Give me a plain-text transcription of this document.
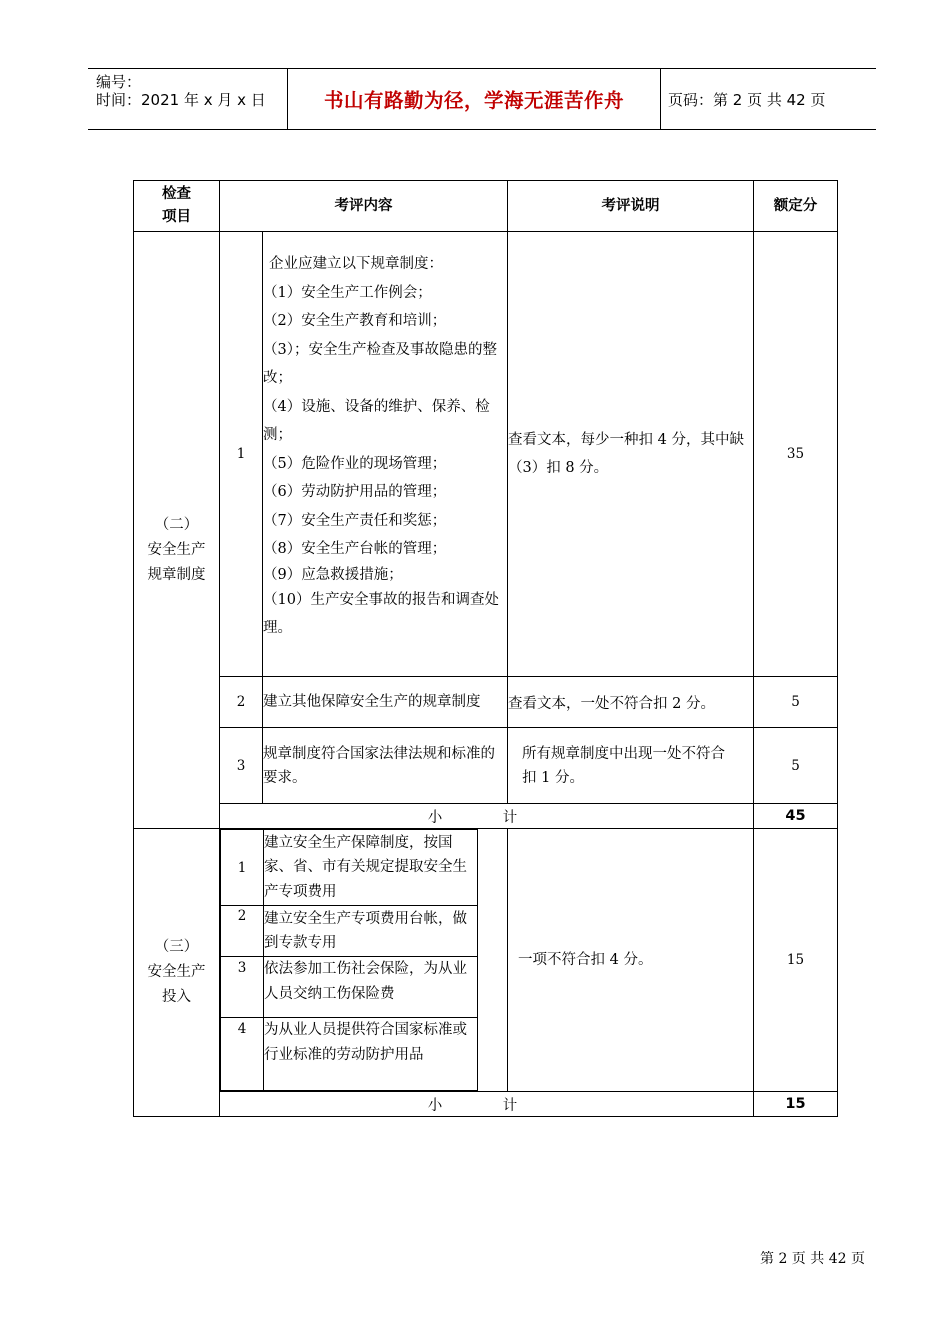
编号：
时间：2021 年 x 月 x 日	书山有路勤为径，学海无涯苦作舟	页码：第 2 页 共 42 页
检查
项目	考评内容	考评说明	额定分
（二）
安全生产
规章制度	1	
企业应建立以下规章制度：
（1）安全生产工作例会；
（2）安全生产教育和培训；
（3）；安全生产检查及事故隐患的整改；
（4）设施、设备的维护、保养、检测；
（5）危险作业的现场管理；
（6）劳动防护用品的管理；
（7）安全生产责任和奖惩；
（8）安全生产台帐的管理；
（9）应急救援措施；
（10）生产安全事故的报告和调查处理。
	查看文本，每少一种扣 4 分，其中缺（3）扣 8 分。	35
2	建立其他保障安全生产的规章制度	查看文本，一处不符合扣 2 分。	5
3	规章制度符合国家法律法规和标准的要求。	所有规章制度中出现一处不符合扣 1 分。	5
小 计	45
（三）
安全生产
投入	
1	建立安全生产保障制度，按国家、省、市有关规定提取安全生产专项费用
2	建立安全生产专项费用台帐，做到专款专用
3	依法参加工伤社会保险，为从业人员交纳工伤保险费
4	为从业人员提供符合国家标准或行业标准的劳动防护用品
	一项不符合扣 4 分。	15
小 计	15
第 2 页 共 42 页
